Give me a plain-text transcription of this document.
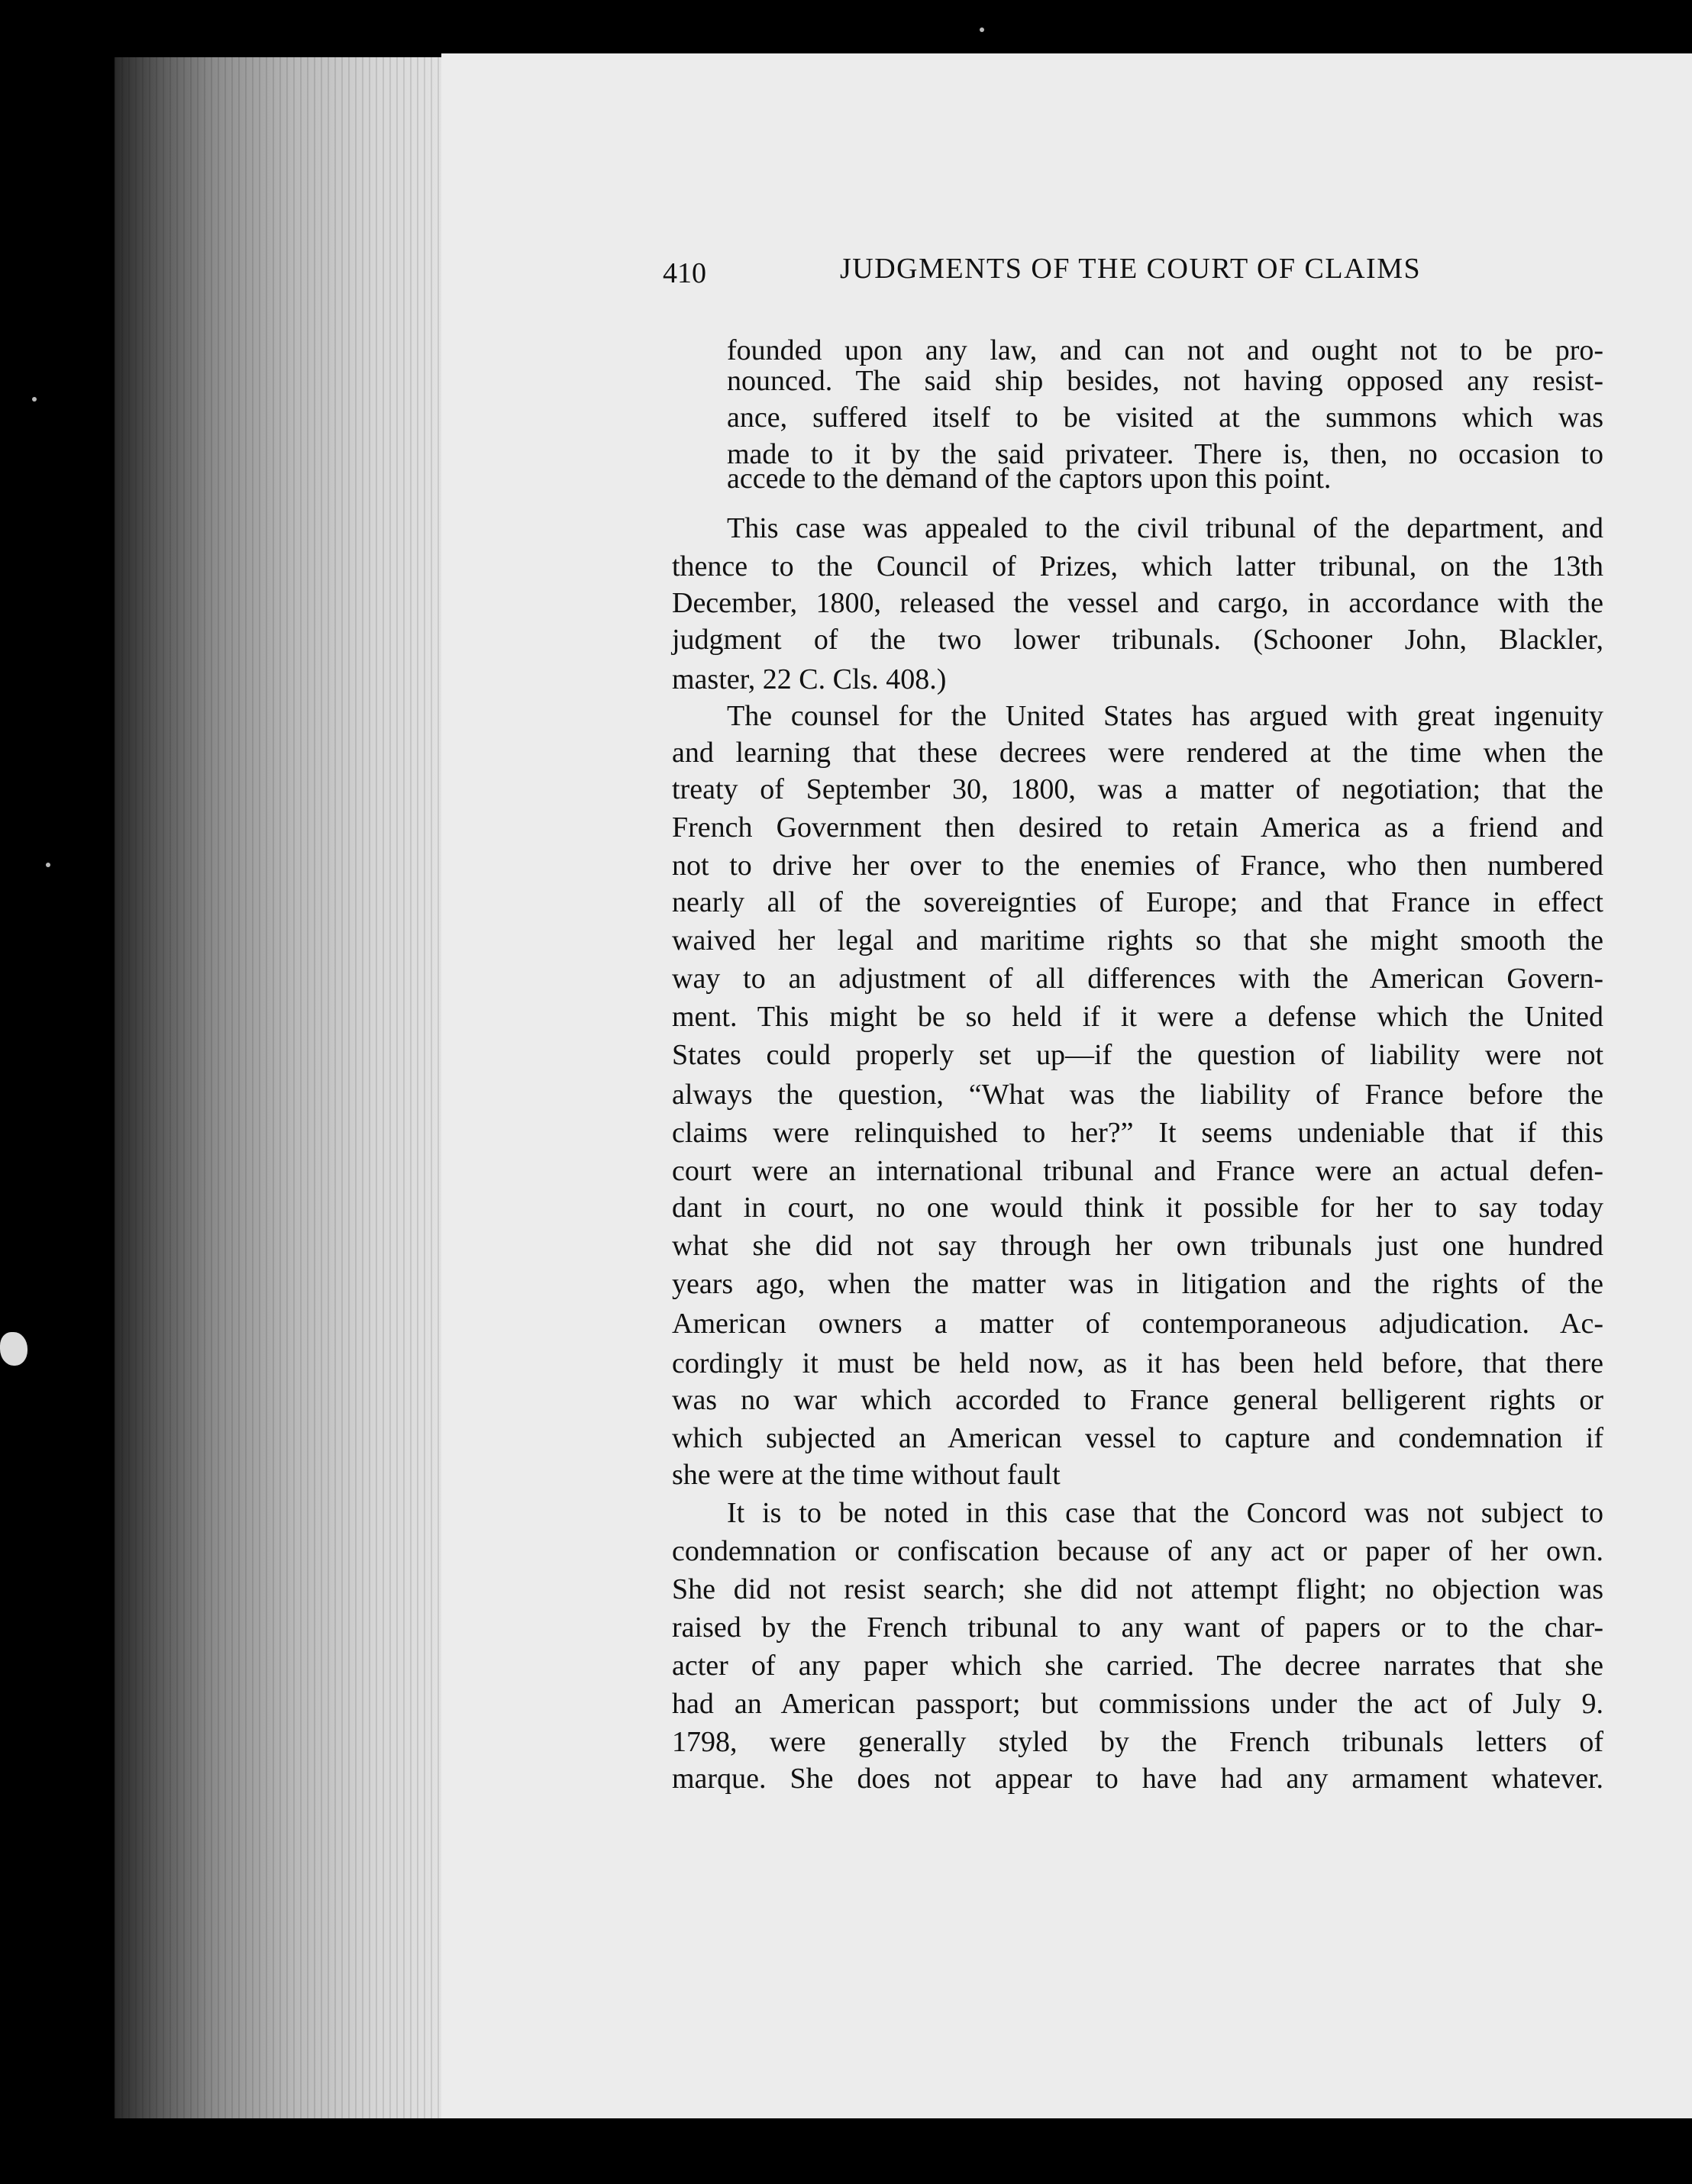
410	JUDGMENTS OF THE COURT OF CLAIMS
founded upon any law, and can not and ought not to be pro-
nounced. The said ship besides, not having opposed any resist-
ance, suffered itself to be visited at the summons which was
made to it by the said privateer. There is, then, no occasion to
accede to the demand of the captors upon this point.
This case was appealed to the civil tribunal of the department, and
thence to the Council of Prizes, which latter tribunal, on the 13th
December, 1800, released the vessel and cargo, in accordance with the
judgment of the two lower tribunals. (Schooner John, Blackler,
master, 22 C. Cls. 408.)
The counsel for the United States has argued with great ingenuity
and learning that these decrees were rendered at the time when the
treaty of September 30, 1800, was a matter of negotiation; that the
French Government then desired to retain America as a friend and
not to drive her over to the enemies of France, who then numbered
nearly all of the sovereignties of Europe; and that France in effect
waived her legal and maritime rights so that she might smooth the
way to an adjustment of all differences with the American Govern-
ment. This might be so held if it were a defense which the United
States could properly set up—if the question of liability were not
always the question, “What was the liability of France before the
claims were relinquished to her?” It seems undeniable that if this
court were an international tribunal and France were an actual defen-
dant in court, no one would think it possible for her to say today
what she did not say through her own tribunals just one hundred
years ago, when the matter was in litigation and the rights of the
American owners a matter of contemporaneous adjudication. Ac-
cordingly it must be held now, as it has been held before, that there
was no war which accorded to France general belligerent rights or
which subjected an American vessel to capture and condemnation if
she were at the time without fault
It is to be noted in this case that the Concord was not subject to
condemnation or confiscation because of any act or paper of her own.
She did not resist search; she did not attempt flight; no objection was
raised by the French tribunal to any want of papers or to the char-
acter of any paper which she carried. The decree narrates that she
had an American passport; but commissions under the act of July 9.
1798, were generally styled by the French tribunals letters of
marque. She does not appear to have had any armament whatever.
